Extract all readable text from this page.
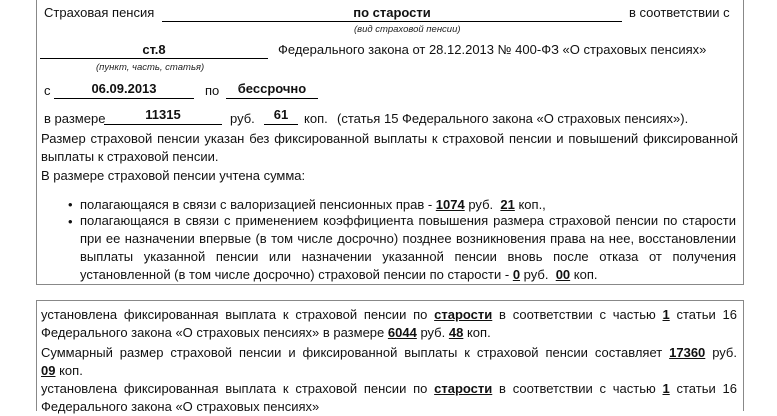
Страховая пенсия	по старости	в соответствии с
(вид страховой пенсии)
ст.8	Федерального закона от 28.12.2013 № 400-ФЗ «О страховых пенсиях»
(пункт, часть, статья)
с	06.09.2013	по	бессрочно
в размере	11315	руб.	61	коп. (статья 15 Федерального закона «О страховых пенсиях»).
Размер страховой пенсии указан без фиксированной выплаты к страховой пенсии и повышений фиксированной выплаты к страховой пенсии.
В размере страховой пенсии учтена сумма:
• полагающаяся в связи с валоризацией пенсионных прав - 1074 руб. 21 коп.,
• полагающаяся в связи с применением коэффициента повышения размера страховой пенсии по старости
при ее назначении впервые (в том числе досрочно) позднее возникновения права на нее, восстановлении
выплаты указанной пенсии или назначении указанной пенсии вновь после отказа от получения
установленной (в том числе досрочно) страховой пенсии по старости - 0 руб. 00 коп.
установлена фиксированная выплата к страховой пенсии по старости в соответствии с частью 1 статьи 16
Федерального закона «О страховых пенсиях» в размере 6044 руб. 48 коп.
Суммарный размер страховой пенсии и фиксированной выплаты к страховой пенсии составляет 17360 руб.
09 коп.
установлена фиксированная выплата к страховой пенсии по старости в соответствии с частью 1 статьи 16
Федерального закона «О страховых пенсиях»
